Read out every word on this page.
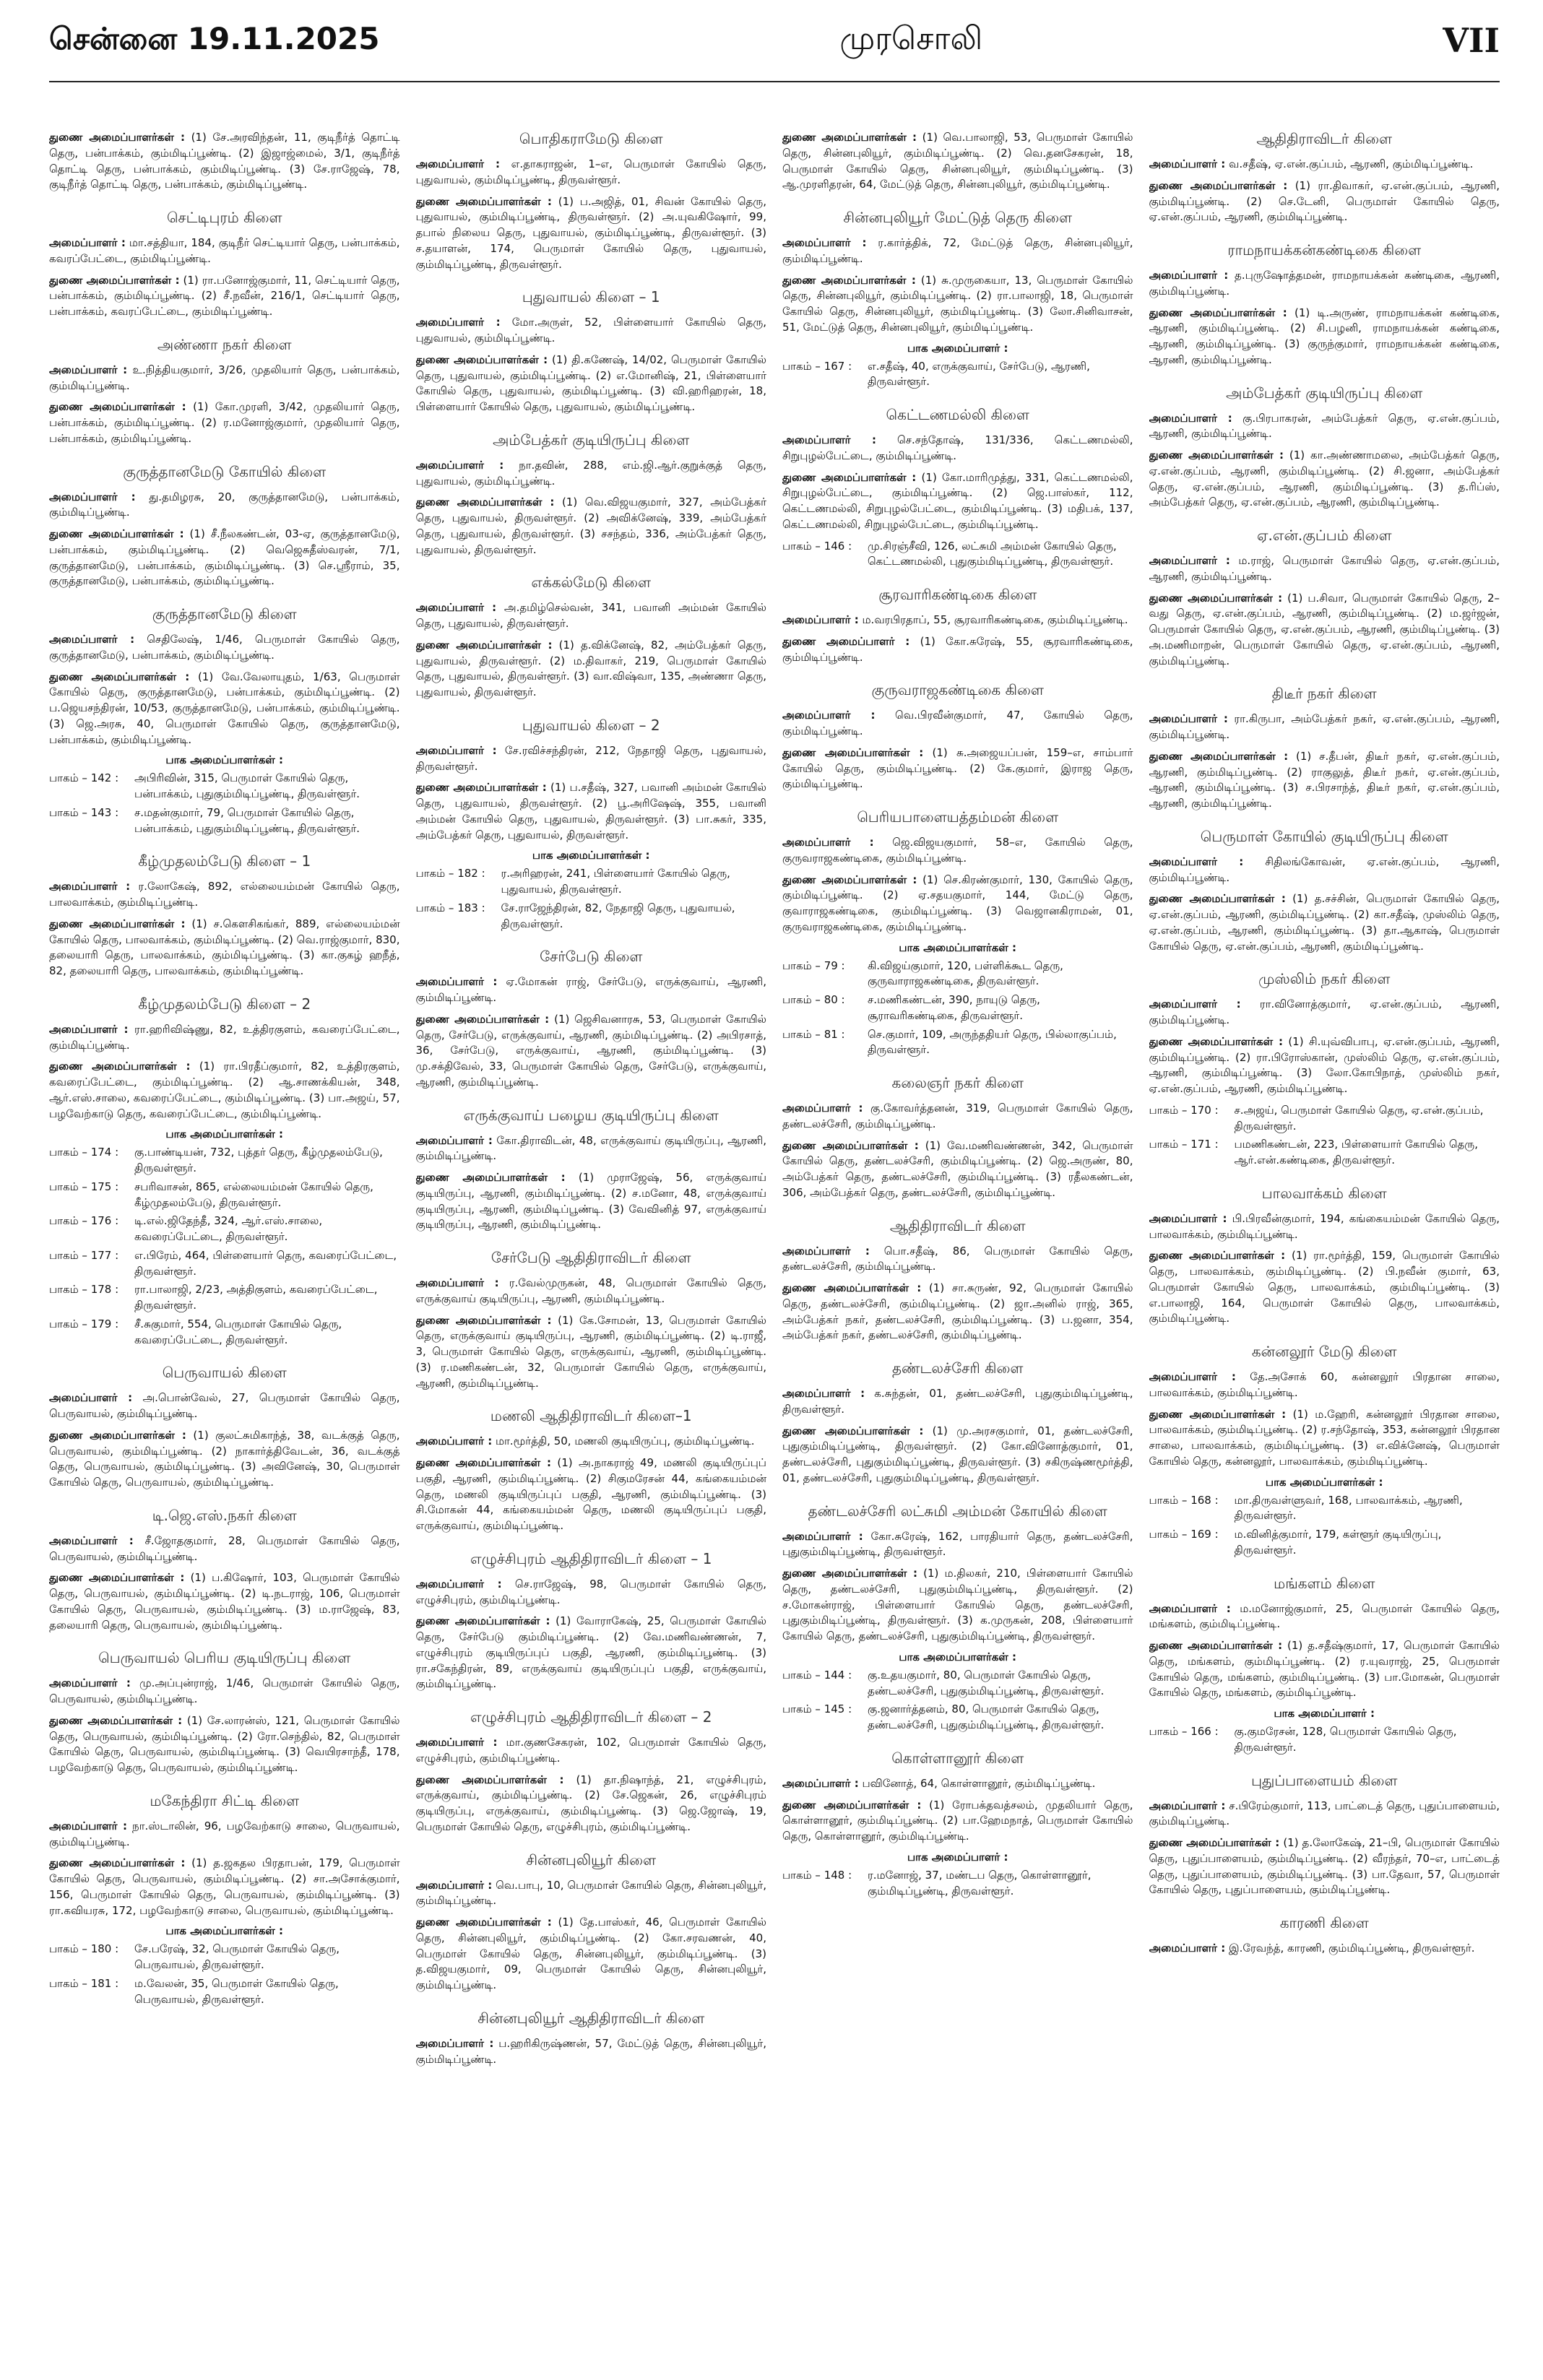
சென்னை 19.11.2025	முரசொலி	VII

துணை அமைப்பாளர்கள் : (1) சே.அரவிந்தன், 11, குடிநீர்த் தொட்டி தெரு, பன்பாக்கம், கும்மிடிப்பூண்டி. (2) இஜாஜ்மைல், 3/1, குடிநீர்த் தொட்டி தெரு, பன்பாக்கம், கும்மிடிப்பூண்டி. (3) சே.ராஜேஷ், 78, குடிநீர்த் தொட்டி தெரு, பன்பாக்கம், கும்மிடிப்பூண்டி.

செட்டிபுரம் கிளை

அமைப்பாளர் : மா.சத்தியா, 184, குடிநீர் செட்டியார் தெரு, பன்பாக்கம், கவரப்பேட்டை, கும்மிடிப்பூண்டி.

துணை அமைப்பாளர்கள் : (1) ரா.பனோஜ்குமார், 11, செட்டியார் தெரு, பன்பாக்கம், கும்மிடிப்பூண்டி. (2) சீ.நவீன், 216/1, செட்டியார் தெரு, பன்பாக்கம், கவரப்பேட்டை, கும்மிடிப்பூண்டி.

அண்ணா நகர் கிளை

அமைப்பாளர் : உ.நித்தியகுமார், 3/26, முதலியார் தெரு, பன்பாக்கம், கும்மிடிப்பூண்டி.

துணை அமைப்பாளர்கள் : (1) கோ.முரளி, 3/42, முதலியார் தெரு, பன்பாக்கம், கும்மிடிப்பூண்டி. (2) ர.மனோஜ்குமார், முதலியார் தெரு, பன்பாக்கம், கும்மிடிப்பூண்டி.

குருத்தானமேடு கோயில் கிளை

அமைப்பாளர் : து.தமிழரசு, 20, குருத்தானமேடு, பன்பாக்கம், கும்மிடிப்பூண்டி.

துணை அமைப்பாளர்கள் : (1) சீ.நீலகண்டன், 03-ஏ, குருத்தானமேடு, பன்பாக்கம், கும்மிடிப்பூண்டி. (2) வெஜெசுதீஸ்வரன், 7/1, குருத்தானமேடு, பன்பாக்கம், கும்மிடிப்பூண்டி. (3) செ.ஸ்ரீராம், 35, குருத்தானமேடு, பன்பாக்கம், கும்மிடிப்பூண்டி.

குருத்தானமேடு கிளை

அமைப்பாளர் : செதிலேஷ், 1/46, பெருமாள் கோயில் தெரு, குருத்தானமேடு, பன்பாக்கம், கும்மிடிப்பூண்டி.

துணை அமைப்பாளர்கள் : (1) வே.வேலாயுதம், 1/63, பெருமாள் கோயில் தெரு, குருத்தானமேடு, பன்பாக்கம், கும்மிடிப்பூண்டி. (2) ப.ஜெயசந்திரன், 10/53, குருத்தானமேடு, பன்பாக்கம், கும்மிடிப்பூண்டி. (3) ஜெ.அரசு, 40, பெருமாள் கோயில் தெரு, குருத்தானமேடு, பன்பாக்கம், கும்மிடிப்பூண்டி.

பாக அமைப்பாளர்கள் :
பாகம் – 142 :	அபிரிவின், 315, பெருமாள் கோயில் தெரு, பன்பாக்கம், புதுகும்மிடிப்பூண்டி, திருவள்ளூர்.
பாகம் – 143 :	ச.மதன்குமார், 79, பெருமாள் கோயில் தெரு, பன்பாக்கம், புதுகும்மிடிப்பூண்டி, திருவள்ளூர்.
கீழ்முதலம்பேடு கிளை – 1

அமைப்பாளர் : ர.லோகேஷ், 892, எல்லையம்மன் கோயில் தெரு, பாலவாக்கம், கும்மிடிப்பூண்டி.

துணை அமைப்பாளர்கள் : (1) ச.கௌசிகங்கர், 889, எல்லையம்மன் கோயில் தெரு, பாலவாக்கம், கும்மிடிப்பூண்டி. (2) வெ.ராஜ்குமார், 830, தலையாரி தெரு, பாலவாக்கம், கும்மிடிப்பூண்டி. (3) கா.குகழ் ஹநீத், 82, தலையாரி தெரு, பாலவாக்கம், கும்மிடிப்பூண்டி.

கீழ்முதலம்பேடு கிளை – 2

அமைப்பாளர் : ரா.ஹரிவிஷ்ணு, 82, உத்திரகுளம், கவரைப்பேட்டை, கும்மிடிப்பூண்டி.

துணை அமைப்பாளர்கள் : (1) ரா.பிரதீப்குமார், 82, உத்திரகுளம், கவரைப்பேட்டை, கும்மிடிப்பூண்டி. (2) ஆ.சாணக்கியன், 348, ஆர்.எஸ்.சாலை, கவரைப்பேட்டை, கும்மிடிப்பூண்டி. (3) பா.அஜய், 57, பழவேற்காடு தெரு, கவரைப்பேட்டை, கும்மிடிப்பூண்டி.

பாக அமைப்பாளர்கள் :
பாகம் – 174 :	கு.பாண்டியன், 732, புத்தர் தெரு, கீழ்முதலம்பேடு, திருவள்ளூர்.
பாகம் – 175 :	சபரிவாசன், 865, எல்லையம்மன் கோயில் தெரு, கீழ்முதலம்பேடு, திருவள்ளூர்.
பாகம் – 176 :	டி.எல்.ஜிதேந்தீ, 324, ஆர்.எஸ்.சாலை, கவரைப்பேட்டை, திருவள்ளூர்.
பாகம் – 177 :	எ.பிரேம், 464, பிள்ளையார் தெரு, கவரைப்பேட்டை, திருவள்ளூர்.
பாகம் – 178 :	ரா.பாலாஜி, 2/23, அத்திகுளம், கவரைப்பேட்டை, திருவள்ளூர்.
பாகம் – 179 :	சீ.சுகுமார், 554, பெருமாள் கோயில் தெரு, கவரைப்பேட்டை, திருவள்ளூர்.
பெருவாயல் கிளை

அமைப்பாளர் : அ.பொன்வேல், 27, பெருமாள் கோயில் தெரு, பெருவாயல், கும்மிடிப்பூண்டி.

துணை அமைப்பாளர்கள் : (1) குலட்சுமிகாந்த், 38, வடக்குத் தெரு, பெருவாயல், கும்மிடிப்பூண்டி. (2) நாகார்த்திவேடன், 36, வடக்குத் தெரு, பெருவாயல், கும்மிடிப்பூண்டி. (3) அவினேஷ், 30, பெருமாள் கோயில் தெரு, பெருவாயல், கும்மிடிப்பூண்டி.

டி.ஜெ.எஸ்.நகர் கிளை

அமைப்பாளர் : சீ.ஜோதகுமார், 28, பெருமாள் கோயில் தெரு, பெருவாயல், கும்மிடிப்பூண்டி.

துணை அமைப்பாளர்கள் : (1) ப.கிஷோர், 103, பெருமாள் கோயில் தெரு, பெருவாயல், கும்மிடிப்பூண்டி. (2) டி.நடராஜ், 106, பெருமாள் கோயில் தெரு, பெருவாயல், கும்மிடிப்பூண்டி. (3) ம.ராஜேஷ், 83, தலையாரி தெரு, பெருவாயல், கும்மிடிப்பூண்டி.

பெருவாயல் பெரிய குடியிருப்பு கிளை

அமைப்பாளர் : மு.அப்புன்ராஜ், 1/46, பெருமாள் கோயில் தெரு, பெருவாயல், கும்மிடிப்பூண்டி.

துணை அமைப்பாளர்கள் : (1) சே.லாரன்ஸ், 121, பெருமாள் கோயில் தெரு, பெருவாயல், கும்மிடிப்பூண்டி. (2) ரோ.செந்தில், 82, பெருமாள் கோயில் தெரு, பெருவாயல், கும்மிடிப்பூண்டி. (3) வெயிரசாந்தீ, 178, பழவேற்காடு தெரு, பெருவாயல், கும்மிடிப்பூண்டி.

மகேந்திரா சிட்டி கிளை

அமைப்பாளர் : நா.ஸ்டாலின், 96, பழவேற்காடு சாலை, பெருவாயல், கும்மிடிப்பூண்டி.

துணை அமைப்பாளர்கள் : (1) த.ஜகதல பிரதாபன், 179, பெருமாள் கோயில் தெரு, பெருவாயல், கும்மிடிப்பூண்டி. (2) சா.அசோக்குமார், 156, பெருமாள் கோயில் தெரு, பெருவாயல், கும்மிடிப்பூண்டி. (3) ரா.கவியரசு, 172, பழவேற்காடு சாலை, பெருவாயல், கும்மிடிப்பூண்டி.

பாக அமைப்பாளர்கள் :
பாகம் – 180 :	சே.பரேஷ், 32, பெருமாள் கோயில் தெரு, பெருவாயல், திருவள்ளூர்.
பாகம் – 181 :	ம.வேலன், 35, பெருமாள் கோயில் தெரு, பெருவாயல், திருவள்ளூர்.
பொதிகராமேடு கிளை

அமைப்பாளர் : எ.தாகராஜன், 1–எ, பெருமாள் கோயில் தெரு, புதுவாயல், கும்மிடிப்பூண்டி, திருவள்ளூர்.

துணை அமைப்பாளர்கள் : (1) ப.அஜித், 01, சிவன் கோயில் தெரு, புதுவாயல், கும்மிடிப்பூண்டி, திருவள்ளூர். (2) அ.யுவகிஷோர், 99, தபால் நிலைய தெரு, புதுவாயல், கும்மிடிப்பூண்டி, திருவள்ளூர். (3) ச.தயாளன், 174, பெருமாள் கோயில் தெரு, புதுவாயல், கும்மிடிப்பூண்டி, திருவள்ளூர்.

புதுவாயல் கிளை – 1

அமைப்பாளர் : மோ.அருள், 52, பிள்ளையார் கோயில் தெரு, புதுவாயல், கும்மிடிப்பூண்டி.

துணை அமைப்பாளர்கள் : (1) தி.கணேஷ், 14/02, பெருமாள் கோயில் தெரு, புதுவாயல், கும்மிடிப்பூண்டி. (2) எ.மோனிஷ், 21, பிள்ளையார் கோயில் தெரு, புதுவாயல், கும்மிடிப்பூண்டி. (3) வி.ஹரிஹரன், 18, பிள்ளையார் கோயில் தெரு, புதுவாயல், கும்மிடிப்பூண்டி.

அம்பேத்கர் குடியிருப்பு கிளை

அமைப்பாளர் : நா.தவின், 288, எம்.ஜி.ஆர்.குறுக்குத் தெரு, புதுவாயல், கும்மிடிப்பூண்டி.

துணை அமைப்பாளர்கள் : (1) வெ.விஜயகுமார், 327, அம்பேத்கர் தெரு, புதுவாயல், திருவள்ளூர். (2) அவிக்னேஷ், 339, அம்பேத்கர் தெரு, புதுவாயல், திருவள்ளூர். (3) சசந்தம், 336, அம்பேத்கர் தெரு, புதுவாயல், திருவள்ளூர்.

எக்கல்மேடு கிளை

அமைப்பாளர் : அ.தமிழ்செல்வன், 341, பவானி அம்மன் கோயில் தெரு, புதுவாயல், திருவள்ளூர்.

துணை அமைப்பாளர்கள் : (1) த.விக்னேஷ், 82, அம்பேத்கர் தெரு, புதுவாயல், திருவள்ளூர். (2) ம.திவாகர், 219, பெருமாள் கோயில் தெரு, புதுவாயல், திருவள்ளூர். (3) வா.விஷ்வா, 135, அண்ணா தெரு, புதுவாயல், திருவள்ளூர்.

புதுவாயல் கிளை – 2

அமைப்பாளர் : சே.ரவிச்சந்திரன், 212, நேதாஜி தெரு, புதுவாயல், திருவள்ளூர்.

துணை அமைப்பாளர்கள் : (1) ப.சதீஷ், 327, பவானி அம்மன் கோயில் தெரு, புதுவாயல், திருவள்ளூர். (2) பூ.அரிஷேஷ், 355, பவானி அம்மன் கோயில் தெரு, புதுவாயல், திருவள்ளூர். (3) பா.சுகர், 335, அம்பேத்கர் தெரு, புதுவாயல், திருவள்ளூர்.

பாக அமைப்பாளர்கள் :
பாகம் – 182 :	ர.அரிஹரன், 241, பிள்ளையார் கோயில் தெரு, புதுவாயல், திருவள்ளூர்.
பாகம் – 183 :	சே.ராஜேந்திரன், 82, நேதாஜி தெரு, புதுவாயல், திருவள்ளூர்.
சேர்பேடு கிளை

அமைப்பாளர் : ஏ.மோகன் ராஜ், சேர்பேடு, எருக்குவாய், ஆரணி, கும்மிடிப்பூண்டி.

துணை அமைப்பாளர்கள் : (1) ஜெசிவனாரசு, 53, பெருமாள் கோயில் தெரு, சேர்பேடு, எருக்குவாய், ஆரணி, கும்மிடிப்பூண்டி. (2) அபிரசாத், 36, சேர்பேடு, எருக்குவாய், ஆரணி, கும்மிடிப்பூண்டி. (3) மு.சக்திவேல், 33, பெருமாள் கோயில் தெரு, சேர்பேடு, எருக்குவாய், ஆரணி, கும்மிடிப்பூண்டி.

எருக்குவாய் பழைய குடியிருப்பு கிளை

அமைப்பாளர் : கோ.திராவிடன், 48, எருக்குவாய் குடியிருப்பு, ஆரணி, கும்மிடிப்பூண்டி.

துணை அமைப்பாளர்கள் : (1) முராஜேஷ், 56, எருக்குவாய் குடியிருப்பு, ஆரணி, கும்மிடிப்பூண்டி. (2) ச.மனோ, 48, எருக்குவாய் குடியிருப்பு, ஆரணி, கும்மிடிப்பூண்டி. (3) வேவினித் 97, எருக்குவாய் குடியிருப்பு, ஆரணி, கும்மிடிப்பூண்டி.

சேர்பேடு ஆதிதிராவிடர் கிளை

அமைப்பாளர் : ர.வேல்முருகன், 48, பெருமாள் கோயில் தெரு, எருக்குவாய் குடியிருப்பு, ஆரணி, கும்மிடிப்பூண்டி.

துணை அமைப்பாளர்கள் : (1) கே.சோமன், 13, பெருமாள் கோயில் தெரு, எருக்குவாய் குடியிருப்பு, ஆரணி, கும்மிடிப்பூண்டி. (2) டி.ராஜீ, 3, பெருமாள் கோயில் தெரு, எருக்குவாய், ஆரணி, கும்மிடிப்பூண்டி. (3) ர.மணிகண்டன், 32, பெருமாள் கோயில் தெரு, எருக்குவாய், ஆரணி, கும்மிடிப்பூண்டி.

மணலி ஆதிதிராவிடர் கிளை–1

அமைப்பாளர் : மா.மூர்த்தி, 50, மணலி குடியிருப்பு, கும்மிடிப்பூண்டி.

துணை அமைப்பாளர்கள் : (1) அ.நாகராஜ் 49, மணலி குடியிருப்புப் பகுதி, ஆரணி, கும்மிடிப்பூண்டி. (2) சிகுமரேசன் 44, கங்கையம்மன் தெரு, மணலி குடியிருப்புப் பகுதி, ஆரணி, கும்மிடிப்பூண்டி. (3) சி.மோகன் 44, கங்கையம்மன் தெரு, மணலி குடியிருப்புப் பகுதி, எருக்குவாய், கும்மிடிப்பூண்டி.

எழுச்சிபுரம் ஆதிதிராவிடர் கிளை – 1

அமைப்பாளர் : செ.ராஜேஷ், 98, பெருமாள் கோயில் தெரு, எழுச்சிபுரம், கும்மிடிப்பூண்டி.

துணை அமைப்பாளர்கள் : (1) வோராகேஷ், 25, பெருமாள் கோயில் தெரு, சேர்பேடு கும்மிடிப்பூண்டி. (2) வே.மணிவண்ணன், 7, எழுச்சிபுரம் குடியிருப்புப் பகுதி, ஆரணி, கும்மிடிப்பூண்டி. (3) ரா.சகேந்திரன், 89, எருக்குவாய் குடியிருப்புப் பகுதி, எருக்குவாய், கும்மிடிப்பூண்டி.

எழுச்சிபுரம் ஆதிதிராவிடர் கிளை – 2

அமைப்பாளர் : மா.குணசேகரன், 102, பெருமாள் கோயில் தெரு, எழுச்சிபுரம், கும்மிடிப்பூண்டி.

துணை அமைப்பாளர்கள் : (1) தா.நிஷாந்த், 21, எழுச்சிபுரம், எருக்குவாய், கும்மிடிப்பூண்டி. (2) சே.ஜெகன், 26, எழுச்சிபுரம் குடியிருப்பு, எருக்குவாய், கும்மிடிப்பூண்டி. (3) ஜெ.ஜோஷ், 19, பெருமாள் கோயில் தெரு, எழுச்சிபுரம், கும்மிடிப்பூண்டி.

சின்னபுலியூர் கிளை

அமைப்பாளர் : வெ.பாபு, 10, பெருமாள் கோயில் தெரு, சின்னபுலியூர், கும்மிடிப்பூண்டி.

துணை அமைப்பாளர்கள் : (1) தே.பாஸ்கர், 46, பெருமாள் கோயில் தெரு, சின்னபுலியூர், கும்மிடிப்பூண்டி. (2) கோ.சரவணன், 40, பெருமாள் கோயில் தெரு, சின்னபுலியூர், கும்மிடிப்பூண்டி. (3) த.விஜயகுமார், 09, பெருமாள் கோயில் தெரு, சின்னபுலியூர், கும்மிடிப்பூண்டி.

சின்னபுலியூர் ஆதிதிராவிடர் கிளை

அமைப்பாளர் : ப.ஹரிகிருஷ்ணன், 57, மேட்டுத் தெரு, சின்னபுலியூர், கும்மிடிப்பூண்டி.

துணை அமைப்பாளர்கள் : (1) வெ.பாலாஜி, 53, பெருமாள் கோயில் தெரு, சின்னபுலியூர், கும்மிடிப்பூண்டி. (2) வெ.தனசேகரன், 18, பெருமாள் கோயில் தெரு, சின்னபுலியூர், கும்மிடிப்பூண்டி. (3) ஆ.முரளிதரன், 64, மேட்டுத் தெரு, சின்னபுலியூர், கும்மிடிப்பூண்டி.

சின்னபுலியூர் மேட்டுத் தெரு கிளை

அமைப்பாளர் : ர.கார்த்திக், 72, மேட்டுத் தெரு, சின்னபுலியூர், கும்மிடிப்பூண்டி.

துணை அமைப்பாளர்கள் : (1) சு.முருகையா, 13, பெருமாள் கோயில் தெரு, சின்னபுலியூர், கும்மிடிப்பூண்டி. (2) ரா.பாலாஜி, 18, பெருமாள் கோயில் தெரு, சின்னபுலியூர், கும்மிடிப்பூண்டி. (3) லோ.சினிவாசன், 51, மேட்டுத் தெரு, சின்னபுலியூர், கும்மிடிப்பூண்டி.

பாக அமைப்பாளர் :
பாகம் – 167 :	எ.சதீஷ், 40, எருக்குவாய், சேர்பேடு, ஆரணி, திருவள்ளூர்.
கெட்டணமல்லி கிளை

அமைப்பாளர் : செ.சந்தோஷ், 131/336, கெட்டணமல்லி, சிறுபுழல்பேட்டை, கும்மிடிப்பூண்டி.

துணை அமைப்பாளர்கள் : (1) கோ.மாரிமுத்து, 331, கெட்டணமல்லி, சிறுபுழல்பேட்டை, கும்மிடிப்பூண்டி. (2) ஜெ.பாஸ்கர், 112, கெட்டணமல்லி, சிறுபுழல்பேட்டை, கும்மிடிப்பூண்டி. (3) மதிபக், 137, கெட்டணமல்லி, சிறுபுழல்பேட்டை, கும்மிடிப்பூண்டி.

பாகம் – 146 :	மு.சிரஞ்சீவி, 126, லட்சுமி அம்மன் கோயில் தெரு, கெட்டணமல்லி, புதுகும்மிடிப்பூண்டி, திருவள்ளூர்.
சூரவாரிகண்டிகை கிளை

அமைப்பாளர் : ம.வரபிரதாப், 55, சூரவாரிகண்டிகை, கும்மிடிப்பூண்டி.

துணை அமைப்பாளர் : (1) கோ.சுரேஷ், 55, சூரவாரிகண்டிகை, கும்மிடிப்பூண்டி.

குருவராஜகண்டிகை கிளை

அமைப்பாளர் : வெ.பிரவீன்குமார், 47, கோயில் தெரு, கும்மிடிப்பூண்டி.

துணை அமைப்பாளர்கள் : (1) சு.அஜையப்பன், 159–எ, சாம்பார் கோயில் தெரு, கும்மிடிப்பூண்டி. (2) கே.குமார், இராஜ தெரு, கும்மிடிப்பூண்டி.

பெரியபாளையத்தம்மன் கிளை

அமைப்பாளர் : ஜெ.விஜயகுமார், 58–எ, கோயில் தெரு, குருவராஜகண்டிகை, கும்மிடிப்பூண்டி.

துணை அமைப்பாளர்கள் : (1) செ.கிரண்குமார், 130, கோயில் தெரு, கும்மிடிப்பூண்டி. (2) ஏ.சதயகுமார், 144, மேட்டு தெரு, குவாராஜகண்டிகை, கும்மிடிப்பூண்டி. (3) வெஜானகிராமன், 01, குருவராஜகண்டிகை, கும்மிடிப்பூண்டி.

பாக அமைப்பாளர்கள் :
பாகம் – 79 :	கி.விஜய்குமார், 120, பள்ளிக்கூட தெரு, குருவாராஜகண்டிகை, திருவள்ளூர்.
பாகம் – 80 :	ச.மணிகண்டன், 390, நாயுடு தெரு, சூராவரிகண்டிகை, திருவள்ளூர்.
பாகம் – 81 :	செ.குமார், 109, அருந்ததியர் தெரு, பில்லாகுப்பம், திருவள்ளூர்.
கலைஞர் நகர் கிளை

அமைப்பாளர் : கு.கோவர்த்தனன், 319, பெருமாள் கோயில் தெரு, தண்டலச்சேரி, கும்மிடிப்பூண்டி.

துணை அமைப்பாளர்கள் : (1) வே.மணிவண்ணன், 342, பெருமாள் கோயில் தெரு, தண்டலச்சேரி, கும்மிடிப்பூண்டி. (2) ஜெ.அருண், 80, அம்பேத்கர் தெரு, தண்டலச்சேரி, கும்மிடிப்பூண்டி. (3) ரதீலகண்டன், 306, அம்பேத்கர் தெரு, தண்டலச்சேரி, கும்மிடிப்பூண்டி.

ஆதிதிராவிடர் கிளை

அமைப்பாளர் : பொ.சதீஷ், 86, பெருமாள் கோயில் தெரு, தண்டலச்சேரி, கும்மிடிப்பூண்டி.

துணை அமைப்பாளர்கள் : (1) சா.சுருண், 92, பெருமாள் கோயில் தெரு, தண்டலச்சேரி, கும்மிடிப்பூண்டி. (2) ஜா.அனில் ராஜ், 365, அம்பேத்கர் நகர், தண்டலச்சேரி, கும்மிடிப்பூண்டி. (3) ப.ஜனா, 354, அம்பேத்கர் நகர், தண்டலச்சேரி, கும்மிடிப்பூண்டி.

தண்டலச்சேரி கிளை

அமைப்பாளர் : க.சுந்தன், 01, தண்டலச்சேரி, புதுகும்மிடிப்பூண்டி, திருவள்ளூர்.

துணை அமைப்பாளர்கள் : (1) மு.அரசகுமார், 01, தண்டலச்சேரி, புதுகும்மிடிப்பூண்டி, திருவள்ளூர். (2) கோ.வினோத்குமார், 01, தண்டலச்சேரி, புதுகும்மிடிப்பூண்டி, திருவள்ளூர். (3) சகிருஷ்ணமூர்த்தி, 01, தண்டலச்சேரி, புதுகும்மிடிப்பூண்டி, திருவள்ளூர்.

தண்டலச்சேரி லட்சுமி அம்மன் கோயில் கிளை

அமைப்பாளர் : கோ.சுரேஷ், 162, பாரதியார் தெரு, தண்டலச்சேரி, புதுகும்மிடிப்பூண்டி, திருவள்ளூர்.

துணை அமைப்பாளர்கள் : (1) ம.திலகர், 210, பிள்ளையார் கோயில் தெரு, தண்டலச்சேரி, புதுகும்மிடிப்பூண்டி, திருவள்ளூர். (2) ச.மோகன்ராஜ், பிள்ளையார் கோயில் தெரு, தண்டலச்சேரி, புதுகும்மிடிப்பூண்டி, திருவள்ளூர். (3) க.முருகன், 208, பிள்ளையார் கோயில் தெரு, தண்டலச்சேரி, புதுகும்மிடிப்பூண்டி, திருவள்ளூர்.

பாக அமைப்பாளர்கள் :
பாகம் – 144 :	கு.உதயகுமார், 80, பெருமாள் கோயில் தெரு, தண்டலச்சேரி, புதுகும்மிடிப்பூண்டி, திருவள்ளூர்.
பாகம் – 145 :	கு.ஜனார்த்தனம், 80, பெருமாள் கோயில் தெரு, தண்டலச்சேரி, புதுகும்மிடிப்பூண்டி, திருவள்ளூர்.
கொள்ளானூர் கிளை

அமைப்பாளர் : பவினோத், 64, கொள்ளானூர், கும்மிடிப்பூண்டி.

துணை அமைப்பாளர்கள் : (1) ரோபக்தவத்சலம், முதலியார் தெரு, கொள்ளானூர், கும்மிடிப்பூண்டி. (2) பா.ஹேமநாத், பெருமாள் கோயில் தெரு, கொள்ளானூர், கும்மிடிப்பூண்டி.

பாக அமைப்பாளர் :
பாகம் – 148 :	ர.மனோஜ், 37, மண்டப தெரு, கொள்ளானூர், கும்மிடிப்பூண்டி, திருவள்ளூர்.
ஆதிதிராவிடர் கிளை

அமைப்பாளர் : வ.சதீஷ், ஏ.என்.குப்பம், ஆரணி, கும்மிடிப்பூண்டி.

துணை அமைப்பாளர்கள் : (1) ரா.திவாகர், ஏ.என்.குப்பம், ஆரணி, கும்மிடிப்பூண்டி. (2) செ.டேனி, பெருமாள் கோயில் தெரு, ஏ.என்.குப்பம், ஆரணி, கும்மிடிப்பூண்டி.

ராமநாயக்கன்கண்டிகை கிளை

அமைப்பாளர் : த.புருஷோத்தமன், ராமநாயக்கன் கண்டிகை, ஆரணி, கும்மிடிப்பூண்டி.

துணை அமைப்பாளர்கள் : (1) டி.அருண், ராமநாயக்கன் கண்டிகை, ஆரணி, கும்மிடிப்பூண்டி. (2) சி.பழனி, ராமநாயக்கன் கண்டிகை, ஆரணி, கும்மிடிப்பூண்டி. (3) குருந்குமார், ராமநாயக்கன் கண்டிகை, ஆரணி, கும்மிடிப்பூண்டி.

அம்பேத்கர் குடியிருப்பு கிளை

அமைப்பாளர் : கு.பிரபாகரன், அம்பேத்கர் தெரு, ஏ.என்.குப்பம், ஆரணி, கும்மிடிப்பூண்டி.

துணை அமைப்பாளர்கள் : (1) கா.அண்ணாமலை, அம்பேத்கர் தெரு, ஏ.என்.குப்பம், ஆரணி, கும்மிடிப்பூண்டி. (2) சி.ஜனா, அம்பேத்கர் தெரு, ஏ.என்.குப்பம், ஆரணி, கும்மிடிப்பூண்டி. (3) த.ரிப்ஸ், அம்பேத்கர் தெரு, ஏ.என்.குப்பம், ஆரணி, கும்மிடிப்பூண்டி.

ஏ.என்.குப்பம் கிளை

அமைப்பாளர் : ம.ராஜ், பெருமாள் கோயில் தெரு, ஏ.என்.குப்பம், ஆரணி, கும்மிடிப்பூண்டி.

துணை அமைப்பாளர்கள் : (1) ப.சிவா, பெருமாள் கோயில் தெரு, 2–வது தெரு, ஏ.என்.குப்பம், ஆரணி, கும்மிடிப்பூண்டி. (2) ம.ஜர்ஜன், பெருமாள் கோயில் தெரு, ஏ.என்.குப்பம், ஆரணி, கும்மிடிப்பூண்டி. (3) அ.மணிமாறன், பெருமாள் கோயில் தெரு, ஏ.என்.குப்பம், ஆரணி, கும்மிடிப்பூண்டி.

திடீர் நகர் கிளை

அமைப்பாளர் : ரா.கிருபா, அம்பேத்கர் நகர், ஏ.என்.குப்பம், ஆரணி, கும்மிடிப்பூண்டி.

துணை அமைப்பாளர்கள் : (1) ச.தீபன், திடீர் நகர், ஏ.என்.குப்பம், ஆரணி, கும்மிடிப்பூண்டி. (2) ராகுலுத், திடீர் நகர், ஏ.என்.குப்பம், ஆரணி, கும்மிடிப்பூண்டி. (3) ச.பிரசாந்த், திடீர் நகர், ஏ.என்.குப்பம், ஆரணி, கும்மிடிப்பூண்டி.

பெருமாள் கோயில் குடியிருப்பு கிளை

அமைப்பாளர் : சிதிலங்கோவன், ஏ.என்.குப்பம், ஆரணி, கும்மிடிப்பூண்டி.

துணை அமைப்பாளர்கள் : (1) த.சச்சின், பெருமாள் கோயில் தெரு, ஏ.என்.குப்பம், ஆரணி, கும்மிடிப்பூண்டி. (2) கா.சதீஷ், முஸ்லிம் தெரு, ஏ.என்.குப்பம், ஆரணி, கும்மிடிப்பூண்டி. (3) தா.ஆகாஷ், பெருமாள் கோயில் தெரு, ஏ.என்.குப்பம், ஆரணி, கும்மிடிப்பூண்டி.

முஸ்லிம் நகர் கிளை

அமைப்பாளர் : ரா.வினோத்குமார், ஏ.என்.குப்பம், ஆரணி, கும்மிடிப்பூண்டி.

துணை அமைப்பாளர்கள் : (1) சி.யுவ்விபாபு, ஏ.என்.குப்பம், ஆரணி, கும்மிடிப்பூண்டி. (2) ரா.பிரோஸ்கான், முஸ்லிம் தெரு, ஏ.என்.குப்பம், ஆரணி, கும்மிடிப்பூண்டி. (3) லோ.கோபிநாத், முஸ்லிம் நகர், ஏ.என்.குப்பம், ஆரணி, கும்மிடிப்பூண்டி.

பாகம் – 170 :	ச.அஜய், பெருமாள் கோயில் தெரு, ஏ.என்.குப்பம், திருவள்ளூர்.
பாகம் – 171 :	பமணிகண்டன், 223, பிள்ளையார் கோயில் தெரு, ஆர்.என்.கண்டிகை, திருவள்ளூர்.
பாலவாக்கம் கிளை

அமைப்பாளர் : பி.பிரவீன்குமார், 194, கங்கையம்மன் கோயில் தெரு, பாலவாக்கம், கும்மிடிப்பூண்டி.

துணை அமைப்பாளர்கள் : (1) ரா.மூர்த்தி, 159, பெருமாள் கோயில் தெரு, பாலவாக்கம், கும்மிடிப்பூண்டி. (2) பி.நவீன் குமார், 63, பெருமாள் கோயில் தெரு, பாலவாக்கம், கும்மிடிப்பூண்டி. (3) எ.பாலாஜி, 164, பெருமாள் கோயில் தெரு, பாலவாக்கம், கும்மிடிப்பூண்டி.

கன்னலூர் மேடு கிளை

அமைப்பாளர் : தே.அசோக் 60, கன்னலூர் பிரதான சாலை, பாலவாக்கம், கும்மிடிப்பூண்டி.

துணை அமைப்பாளர்கள் : (1) ம.ஹேரி, கன்னலூர் பிரதான சாலை, பாலவாக்கம், கும்மிடிப்பூண்டி. (2) ர.சந்தோஷ், 353, கன்னலூர் பிரதான சாலை, பாலவாக்கம், கும்மிடிப்பூண்டி. (3) எ.விக்னேஷ், பெருமாள் கோயில் தெரு, கன்னலூர், பாலவாக்கம், கும்மிடிப்பூண்டி.

பாக அமைப்பாளர்கள் :
பாகம் – 168 :	மா.திருவள்ளுவர், 168, பாலவாக்கம், ஆரணி, திருவள்ளூர்.
பாகம் – 169 :	ம.வினித்குமார், 179, கள்ளூர் குடியிருப்பு, திருவள்ளூர்.
மங்களம் கிளை

அமைப்பாளர் : ம.மனோஜ்குமார், 25, பெருமாள் கோயில் தெரு, மங்களம், கும்மிடிப்பூண்டி.

துணை அமைப்பாளர்கள் : (1) த.சதீஷ்குமார், 17, பெருமாள் கோயில் தெரு, மங்களம், கும்மிடிப்பூண்டி. (2) ர.யுவராஜ், 25, பெருமாள் கோயில் தெரு, மங்களம், கும்மிடிப்பூண்டி. (3) பா.மோகன், பெருமாள் கோயில் தெரு, மங்களம், கும்மிடிப்பூண்டி.

பாக அமைப்பாளர் :
பாகம் – 166 :	கு.குமரேசன், 128, பெருமாள் கோயில் தெரு, திருவள்ளூர்.
புதுப்பாளையம் கிளை

அமைப்பாளர் : ச.பிரேம்குமார், 113, பாட்டைத் தெரு, புதுப்பாளையம், கும்மிடிப்பூண்டி.

துணை அமைப்பாளர்கள் : (1) த.லோகேஷ், 21–பி, பெருமாள் கோயில் தெரு, புதுப்பாளையம், கும்மிடிப்பூண்டி. (2) வீரந்தர், 70–எ, பாட்டைத் தெரு, புதுப்பாளையம், கும்மிடிப்பூண்டி. (3) பா.தேவா, 57, பெருமாள் கோயில் தெரு, புதுப்பாளையம், கும்மிடிப்பூண்டி.

காரணி கிளை

அமைப்பாளர் : இ.ரேவந்த், காரணி, கும்மிடிப்பூண்டி, திருவள்ளூர்.
